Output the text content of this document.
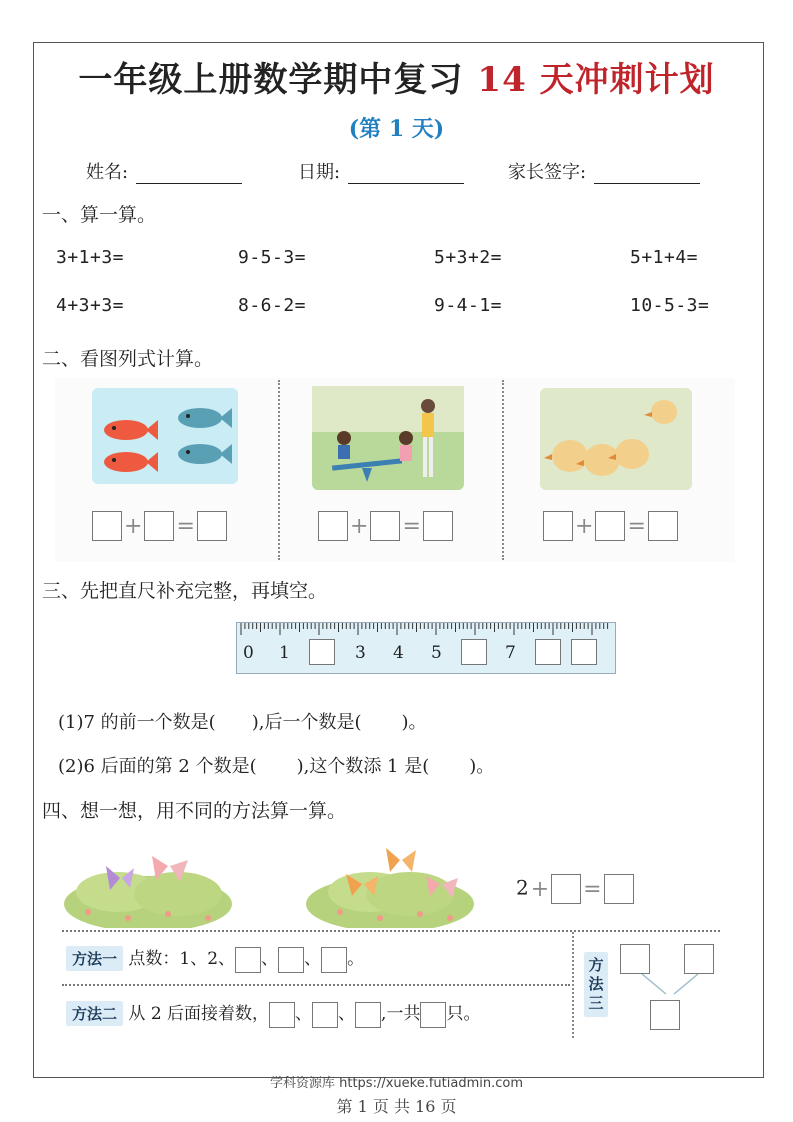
一年级上册数学期中复习 14 天冲刺计划
(第 1 天)
姓名:	日期:	家长签字:
一、算一算。
3+1+3=	9-5-3=	5+3+2=	5+1+4=
4+3+3=	8-6-2=	9-4-1=	10-5-3=
二、看图列式计算。
+ =	+ =	+ =
三、先把直尺补充完整，再填空。
0 1	3 4 5	7
(1)7 的前一个数是( ),后一个数是( )。
(2)6 后面的第 2 个数是( ),这个数添 1 是( )。
四、想一想，用不同的方法算一算。
2+ =
方法一 点数：1、2、 、 、 。
方法二 从 2 后面接着数， 、 、 ,一共 只。
方法三
学科资源库 https://xueke.futiadmin.com
第 1 页 共 16 页
